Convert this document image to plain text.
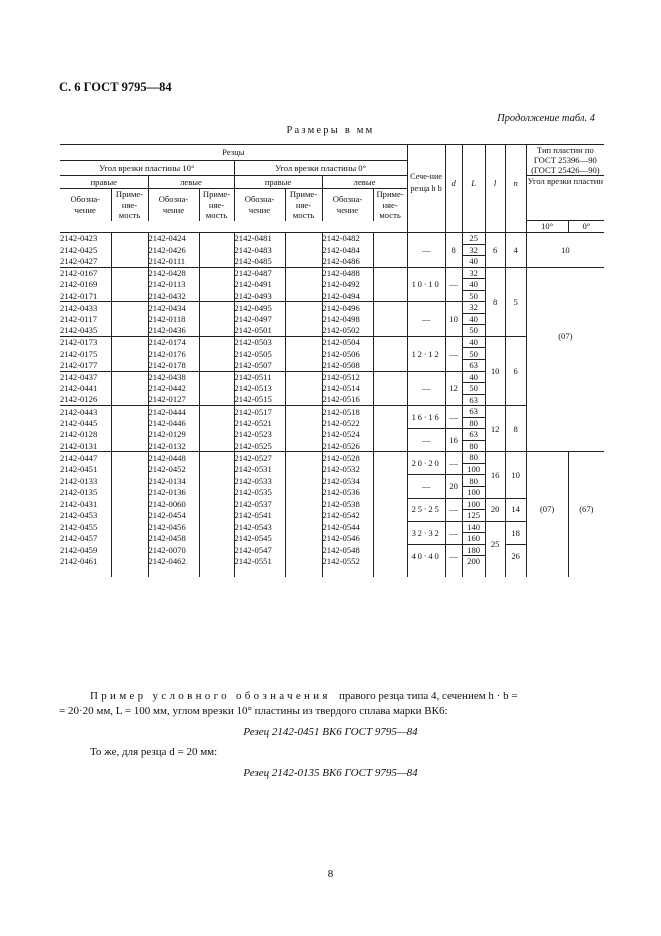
С. 6 ГОСТ 9795—84
Продолжение табл. 4
Размеры в мм
Резцы								Сече-ние резца h b	d	L	l	n	Тип пластин по ГОСТ 25396—90 (ГОСТ 25426—90)	
Угол врезки пластины 10°				Угол врезки пластины 0°										
правые		левые		правые		левые							Угол врезки пластин	
Обозна-чение	Приме-няе-мость	Обозна-чение	Приме-няе-мость	Обозна-чение	Приме-няе-мость	Обозна-чение	Приме-няе-мость							
													10°	0°
2142-0423		2142-0424		2142-0481		2142-0482		—	8	25	6	4	10	
2142-0425		2142-0426		2142-0483		2142-0484				32				
2142-0427		2142-0111		2142-0485		2142-0486				40				
2142-0167		2142-0428		2142-0487		2142-0488		10·10	—	32	8	5	(07)	
2142-0169		2142-0113		2142-0491		2142-0492				40				
2142-0171		2142-0432		2142-0493		2142-0494				50				
2142-0433		2142-0434		2142-0495		2142-0496		—	10	32				
2142-0117		2142-0118		2142-0497		2142-0498				40				
2142-0435		2142-0436		2142-0501		2142-0502				50				
2142-0173		2142-0174		2142-0503		2142-0504		12·12	—	40	10	6		
2142-0175		2142-0176		2142-0505		2142-0506				50				
2142-0177		2142-0178		2142-0507		2142-0508				63				
2142-0437		2142-0438		2142-0511		2142-0512		—	12	40				
2142-0441		2142-0442		2142-0513		2142-0514				50				
2142-0126		2142-0127		2142-0515		2142-0516				63				
2142-0443		2142-0444		2142-0517		2142-0518		16·16	—	63	12	8		
2142-0445		2142-0446		2142-0521		2142-0522				80				
2142-0128		2142-0129		2142-0523		2142-0524		—	16	63				
2142-0131		2142-0132		2142-0525		2142-0526				80				
2142-0447		2142-0448		2142-0527		2142-0528		20·20	—	80	16	10	(07)	(67)
2142-0451		2142-0452		2142-0531		2142-0532				100				
2142-0133		2142-0134		2142-0533		2142-0534		—	20	80				
2142-0135		2142-0136		2142-0535		2142-0536				100				
2142-0431		2142-0060		2142-0537		2142-0538		25·25	—	100	20	14		
2142-0453		2142-0454		2142-0541		2142-0542				125				
2142-0455		2142-0456		2142-0543		2142-0544		32·32	—	140	25	18		
2142-0457		2142-0458		2142-0545		2142-0546				160				
2142-0459		2142-0070		2142-0547		2142-0548		40·40	—	180		26		
2142-0461		2142-0462		2142-0551		2142-0552				200				

Пример условного обозначения правого резца типа 4, сечением h · b =
= 20·20 мм, L = 100 мм, углом врезки 10° пластины из твердого сплава марки ВК6:
Резец 2142-0451 ВК6 ГОСТ 9795—84
То же, для резца d = 20 мм:
Резец 2142-0135 ВК6 ГОСТ 9795—84
8
